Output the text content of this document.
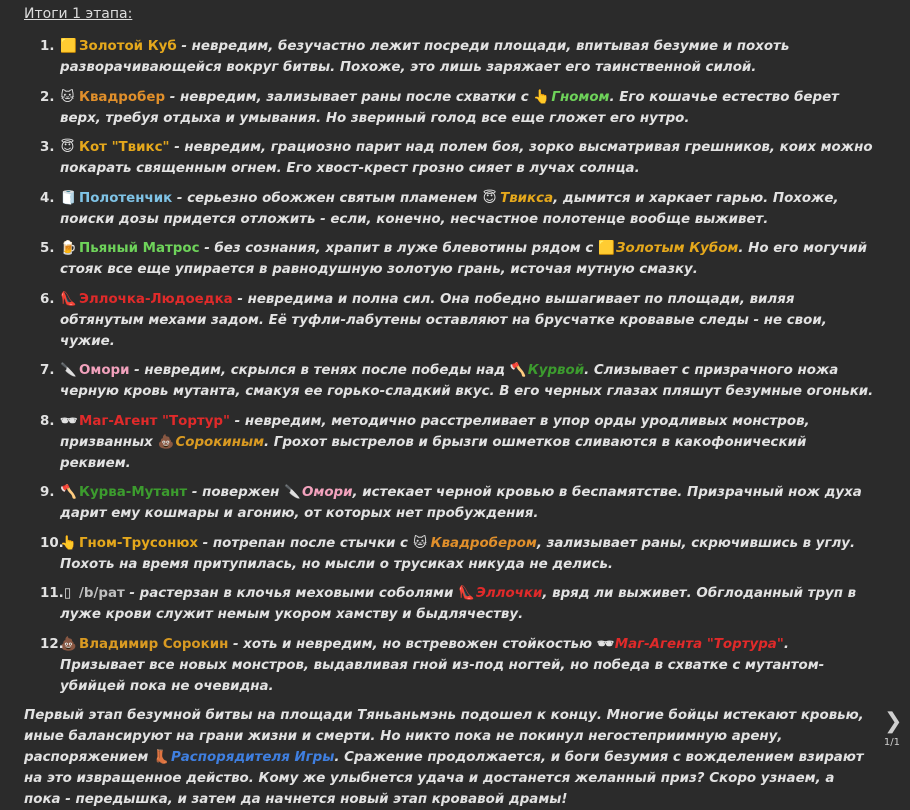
Итоги 1 этапа:
1. 🟨 Золотой Куб - невредим, безучастно лежит посреди площади, впитывая безумие и похоть разворачивающейся вокруг битвы. Похоже, это лишь заряжает его таинственной силой.
2. 🐱 Квадробер - невредим, зализывает раны после схватки с 👆Гномом. Его кошачье естество берет верх, требуя отдыха и умывания. Но звериный голод все еще гложет его нутро.
3. 😇 Кот "Твикс" - невредим, грациозно парит над полем боя, зорко высматривая грешников, коих можно покарать священным огнем. Его хвост-крест грозно сияет в лучах солнца.
4. 🧻 Полотенчик - серьезно обожжен святым пламенем 😇 Твикса, дымится и харкает гарью. Похоже, поиски дозы придется отложить - если, конечно, несчастное полотенце вообще выживет.
5. 🍺 Пьяный Матрос - без сознания, храпит в луже блевотины рядом с 🟨Золотым Кубом. Но его могучий стояк все еще упирается в равнодушную золотую грань, источая мутную смазку.
6. 👠 Эллочка-Людоедка - невредима и полна сил. Она победно вышагивает по площади, виляя обтянутым мехами задом. Её туфли-лабутены оставляют на брусчатке кровавые следы - не свои, чужие.
7. 🔪 Омори - невредим, скрылся в тенях после победы над 🪓Курвой. Слизывает с призрачного ножа черную кровь мутанта, смакуя ее горько-сладкий вкус. В его черных глазах пляшут безумные огоньки.
8. 🕶 Маг-Агент "Тортур" - невредим, методично расстреливает в упор орды уродливых монстров, призванных 💩Сорокиным. Грохот выстрелов и брызги ошметков сливаются в какофонический реквием.
9. 🪓 Курва-Мутант - повержен 🔪Омори, истекает черной кровью в беспамятстве. Призрачный нож духа дарит ему кошмары и агонию, от которых нет пробуждения.
10.
👆 Гном-Трусонюх - потрепан после стычки с 🐱 Квадробером, зализывает раны, скрючившись в углу. Похоть на время притупилась, но мысли о трусиках никуда не делись.
11. ▯ /b/рат - растерзан в клочья меховыми соболями 👠Эллочки, вряд ли выживет. Обглоданный труп в луже крови служит немым укором хамству и быдлячеству.
12.
💩 Владимир Сорокин - хоть и невредим, но встревожен стойкостью 🕶Маг-Агента "Тортура". Призывает все новых монстров, выдавливая гной из-под ногтей, но победа в схватке с мутантом-убийцей пока не очевидна.
Первый этап безумной битвы на площади Тяньаньмэнь подошел к концу. Многие бойцы истекают кровью, иные балансируют на грани жизни и смерти. Но никто пока не покинул негостеприимную арену, распоряжением 👢Распорядителя Игры. Сражение продолжается, и боги безумия с вожделением взирают на это извращенное действо. Кому же улыбнется удача и достанется желанный приз? Скоро узнаем, а пока - передышка, и затем да начнется новый этап кровавой драмы!
❯
1/1
